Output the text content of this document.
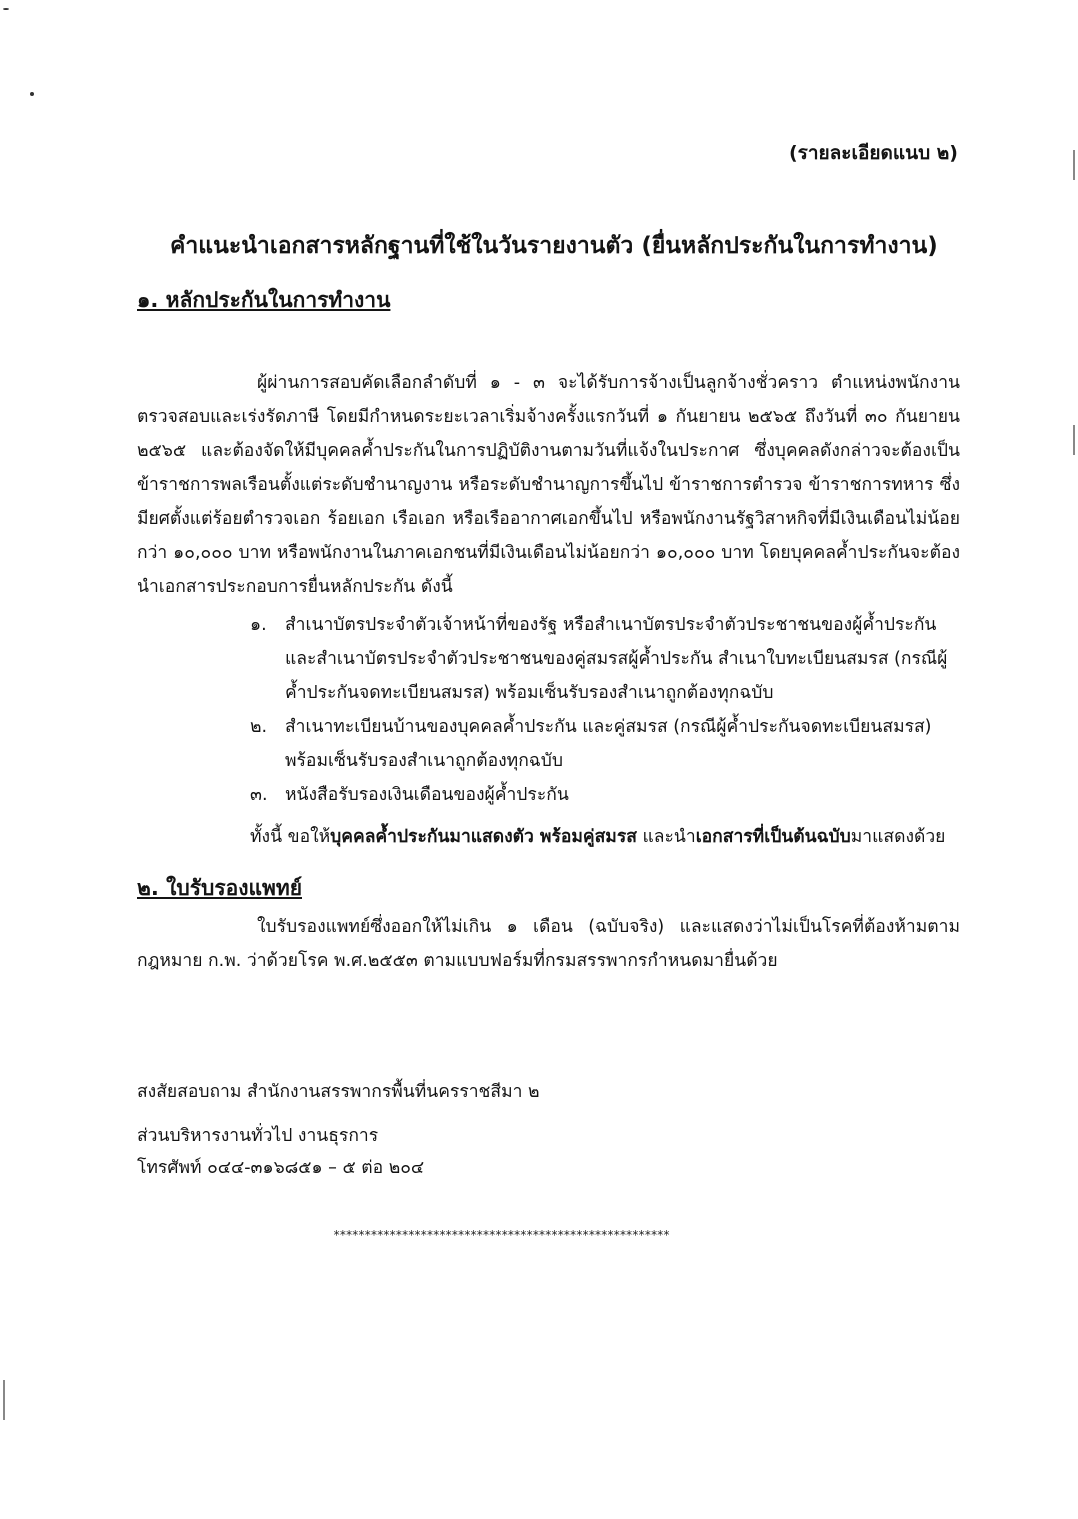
(รายละเอียดแนบ ๒)
คำแนะนำเอกสารหลักฐานที่ใช้ในวันรายงานตัว (ยื่นหลักประกันในการทำงาน)
๑. หลักประกันในการทำงาน
ผู้ผ่านการสอบคัดเลือกลำดับที่ ๑ - ๓ จะได้รับการจ้างเป็นลูกจ้างชั่วคราว ตำแหน่งพนักงานตรวจสอบและเร่งรัดภาษี โดยมีกำหนดระยะเวลาเริ่มจ้างครั้งแรกวันที่ ๑ กันยายน ๒๕๖๕ ถึงวันที่ ๓๐ กันยายน ๒๕๖๕ และต้องจัดให้มีบุคคลค้ำประกันในการปฏิบัติงานตามวันที่แจ้งในประกาศ ซึ่งบุคคลดังกล่าวจะต้องเป็นข้าราชการพลเรือนตั้งแต่ระดับชำนาญงาน หรือระดับชำนาญการขึ้นไป ข้าราชการตำรวจ ข้าราชการทหาร ซึ่งมียศตั้งแต่ร้อยตำรวจเอก ร้อยเอก เรือเอก หรือเรืออากาศเอกขึ้นไป หรือพนักงานรัฐวิสาหกิจที่มีเงินเดือนไม่น้อยกว่า ๑๐,๐๐๐ บาท หรือพนักงานในภาคเอกชนที่มีเงินเดือนไม่น้อยกว่า ๑๐,๐๐๐ บาท โดยบุคคลค้ำประกันจะต้องนำเอกสารประกอบการยื่นหลักประกัน ดังนี้
๑. สำเนาบัตรประจำตัวเจ้าหน้าที่ของรัฐ หรือสำเนาบัตรประจำตัวประชาชนของผู้ค้ำประกัน และสำเนาบัตรประจำตัวประชาชนของคู่สมรสผู้ค้ำประกัน สำเนาใบทะเบียนสมรส (กรณีผู้ค้ำประกันจดทะเบียนสมรส) พร้อมเซ็นรับรองสำเนาถูกต้องทุกฉบับ
๒. สำเนาทะเบียนบ้านของบุคคลค้ำประกัน และคู่สมรส (กรณีผู้ค้ำประกันจดทะเบียนสมรส) พร้อมเซ็นรับรองสำเนาถูกต้องทุกฉบับ
๓. หนังสือรับรองเงินเดือนของผู้ค้ำประกัน
ทั้งนี้ ขอให้บุคคลค้ำประกันมาแสดงตัว พร้อมคู่สมรส และนำเอกสารที่เป็นต้นฉบับมาแสดงด้วย
๒. ใบรับรองแพทย์
ใบรับรองแพทย์ซึ่งออกให้ไม่เกิน ๑ เดือน (ฉบับจริง) และแสดงว่าไม่เป็นโรคที่ต้องห้ามตามกฎหมาย ก.พ. ว่าด้วยโรค พ.ศ.๒๕๕๓ ตามแบบฟอร์มที่กรมสรรพากรกำหนดมายื่นด้วย
สงสัยสอบถาม สำนักงานสรรพากรพื้นที่นครราชสีมา ๒
ส่วนบริหารงานทั่วไป งานธุรการ
โทรศัพท์ ๐๔๔-๓๑๖๘๕๑ – ๕ ต่อ ๒๐๔
******************************************************
